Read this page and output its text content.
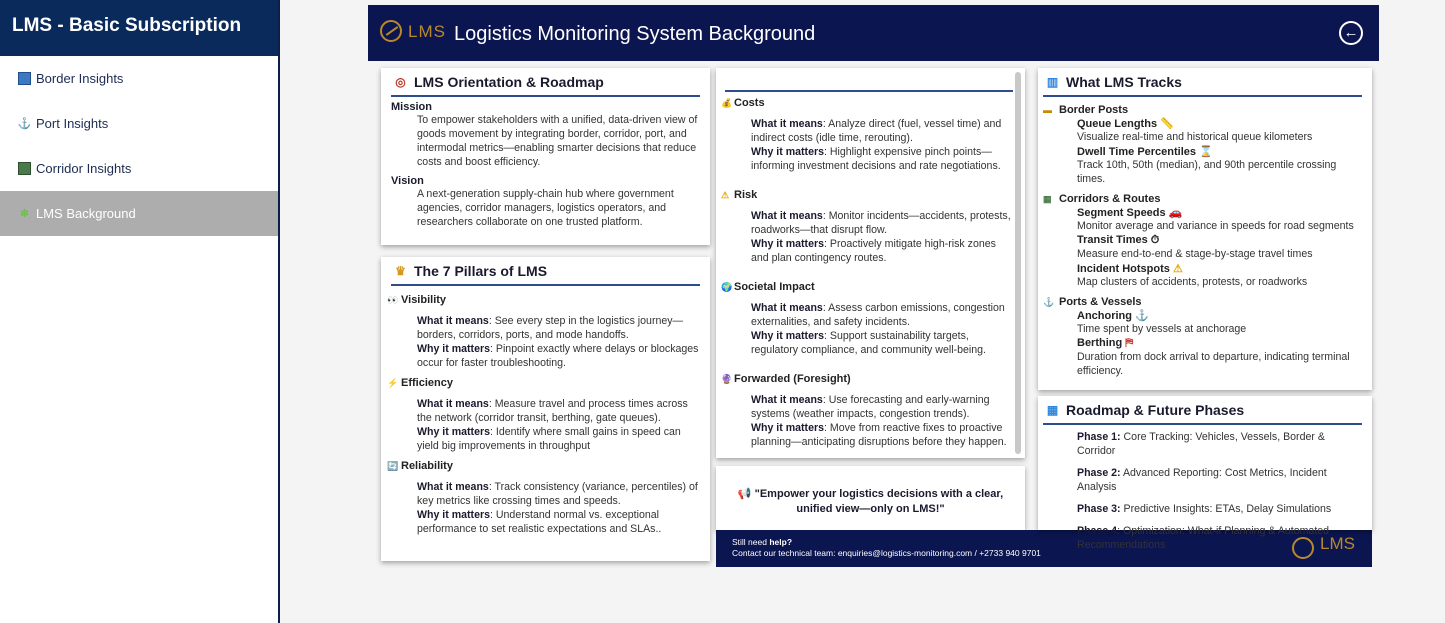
LMS - Basic Subscription
Border Insights
⚓ Port Insights
Corridor Insights
✽ LMS Background
LMS Logistics Monitoring System Background	←
◎ LMS Orientation & Roadmap
Mission
To empower stakeholders with a unified, data-driven view of goods movement by integrating border, corridor, port, and intermodal metrics—enabling smarter decisions that reduce costs and boost efficiency.
Vision
A next-generation supply-chain hub where government agencies, corridor managers, logistics operators, and researchers collaborate on one trusted platform.
♛ The 7 Pillars of LMS
👀 Visibility
What it means: See every step in the logistics journey—borders, corridors, ports, and mode handoffs.
Why it matters: Pinpoint exactly where delays or blockages occur for faster troubleshooting.
⚡ Efficiency
What it means: Measure travel and process times across the network (corridor transit, berthing, gate queues).
Why it matters: Identify where small gains in speed can yield big improvements in throughput
🔄 Reliability
What it means: Track consistency (variance, percentiles) of key metrics like crossing times and speeds.
Why it matters: Understand normal vs. exceptional performance to set realistic expectations and SLAs..
💰 Costs
What it means: Analyze direct (fuel, vessel time) and indirect costs (idle time, rerouting).
Why it matters: Highlight expensive pinch points—informing investment decisions and rate negotiations.
⚠ Risk
What it means: Monitor incidents—accidents, protests, roadworks—that disrupt flow.
Why it matters: Proactively mitigate high-risk zones and plan contingency routes.
🌍 Societal Impact
What it means: Assess carbon emissions, congestion externalities, and safety incidents.
Why it matters: Support sustainability targets, regulatory compliance, and community well-being.
🔮 Forwarded (Foresight)
What it means: Use forecasting and early-warning systems (weather impacts, congestion trends).
Why it matters: Move from reactive fixes to proactive planning—anticipating disruptions before they happen.
📢 "Empower your logistics decisions with a clear, unified view—only on LMS!"
Still need help?
Contact our technical team: enquiries@logistics-monitoring.com / +2733 940 9701	LMS
▥ What LMS Tracks
▬ Border Posts
Queue Lengths 📏
Visualize real-time and historical queue kilometers
Dwell Time Percentiles ⌛
Track 10th, 50th (median), and 90th percentile crossing times.
▦ Corridors & Routes
Segment Speeds 🚗
Monitor average and variance in speeds for road segments
Transit Times ⏱
Measure end-to-end & stage-by-stage travel times
Incident Hotspots ⚠
Map clusters of accidents, protests, or roadworks
⚓ Ports & Vessels
Anchoring ⚓
Time spent by vessels at anchorage
Berthing ⛿
Duration from dock arrival to departure, indicating terminal efficiency.
▦ Roadmap & Future Phases
Phase 1: Core Tracking: Vehicles, Vessels, Border & Corridor
Phase 2: Advanced Reporting: Cost Metrics, Incident Analysis
Phase 3: Predictive Insights: ETAs, Delay Simulations
Phase 4: Optimization: What-if Planning & Automated Recommendations
